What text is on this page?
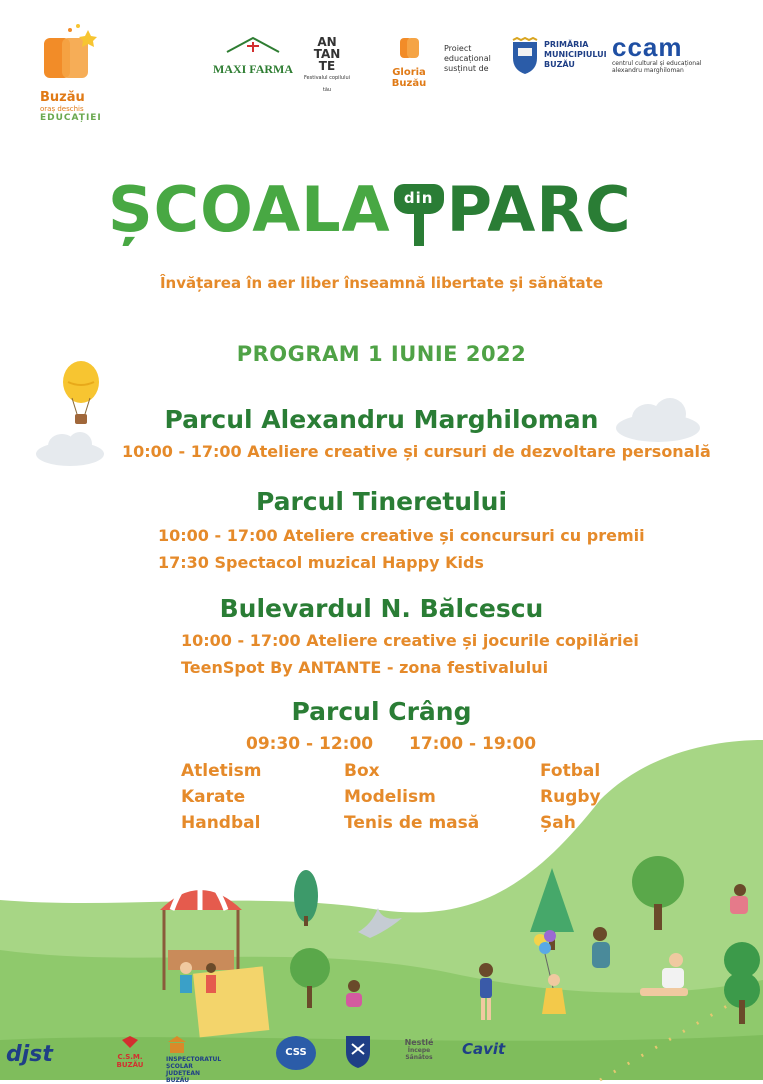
Buzău
oraș deschis
EDUCAȚIEI
MAXI FARMA
AN
TAN
TE
Festivalul copilului tău
Gloria Buzău
Proiect
educațional
susținut de
PRIMĂRIA
MUNICIPIULUI
BUZĂU
ccam
centrul cultural și educațional
alexandru marghiloman
ȘCOALA din PARC
Învățarea în aer liber înseamnă libertate și sănătate
PROGRAM 1 IUNIE 2022
Parcul Alexandru Marghiloman
10:00 - 17:00 Ateliere creative și cursuri de dezvoltare personală
Parcul Tineretului
10:00 - 17:00 Ateliere creative și concursuri cu premii
17:30 Spectacol muzical Happy Kids
Bulevardul N. Bălcescu
10:00 - 17:00 Ateliere creative și jocurile copilăriei
TeenSpot By ANTANTE - zona festivalului
Parcul Crâng
09:30 - 12:00 17:00 - 19:00
Atletism	Box	Fotbal
Karate	Modelism	Rugby
Handbal	Tenis de masă	Șah
djst	C.S.M. BUZĂU
INSPECTORATUL
ȘCOLAR
JUDEȚEAN
BUZĂU
CSS
Nestlé
Începe Sănătos	Cavit
